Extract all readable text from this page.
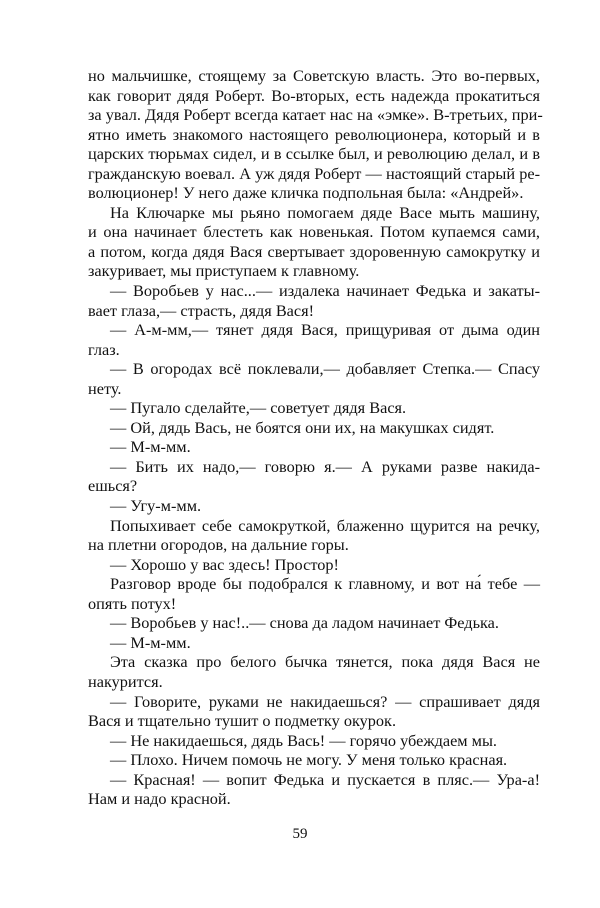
но мальчишке, стоящему за Советскую власть. Это во-первых,
как говорит дядя Роберт. Во-вторых, есть надежда прокатиться
за увал. Дядя Роберт всегда катает нас на «эмке». В-третьих, при-
ятно иметь знакомого настоящего революционера, который и в
царских тюрьмах сидел, и в ссылке был, и революцию делал, и в
гражданскую воевал. А уж дядя Роберт — настоящий старый ре-
волюционер! У него даже кличка подпольная была: «Андрей».
На Ключарке мы рьяно помогаем дяде Васе мыть машину,
и она начинает блестеть как новенькая. Потом купаемся сами,
а потом, когда дядя Вася свертывает здоровенную самокрутку и
закуривает, мы приступаем к главному.
— Воробьев у нас...— издалека начинает Федька и закаты-
вает глаза,— страсть, дядя Вася!
— А-м-мм,— тянет дядя Вася, прищуривая от дыма один
глаз.
— В огородах всё поклевали,— добавляет Степка.— Спасу
нету.
— Пугало сделайте,— советует дядя Вася.
— Ой, дядь Вась, не боятся они их, на макушках сидят.
— М-м-мм.
— Бить их надо,— говорю я.— А руками разве накида-
ешься?
— Угу-м-мм.
Попыхивает себе самокруткой, блаженно щурится на речку,
на плетни огородов, на дальние горы.
— Хорошо у вас здесь! Простор!
Разговор вроде бы подобрался к главному, и вот на́ тебе —
опять потух!
— Воробьев у нас!..— снова да ладом начинает Федька.
— М-м-мм.
Эта сказка про белого бычка тянется, пока дядя Вася не
накурится.
— Говорите, руками не накидаешься? — спрашивает дядя
Вася и тщательно тушит о подметку окурок.
— Не накидаешься, дядь Вась! — горячо убеждаем мы.
— Плохо. Ничем помочь не могу. У меня только красная.
— Красная! — вопит Федька и пускается в пляс.— Ура-а!
Нам и надо красной.
59
